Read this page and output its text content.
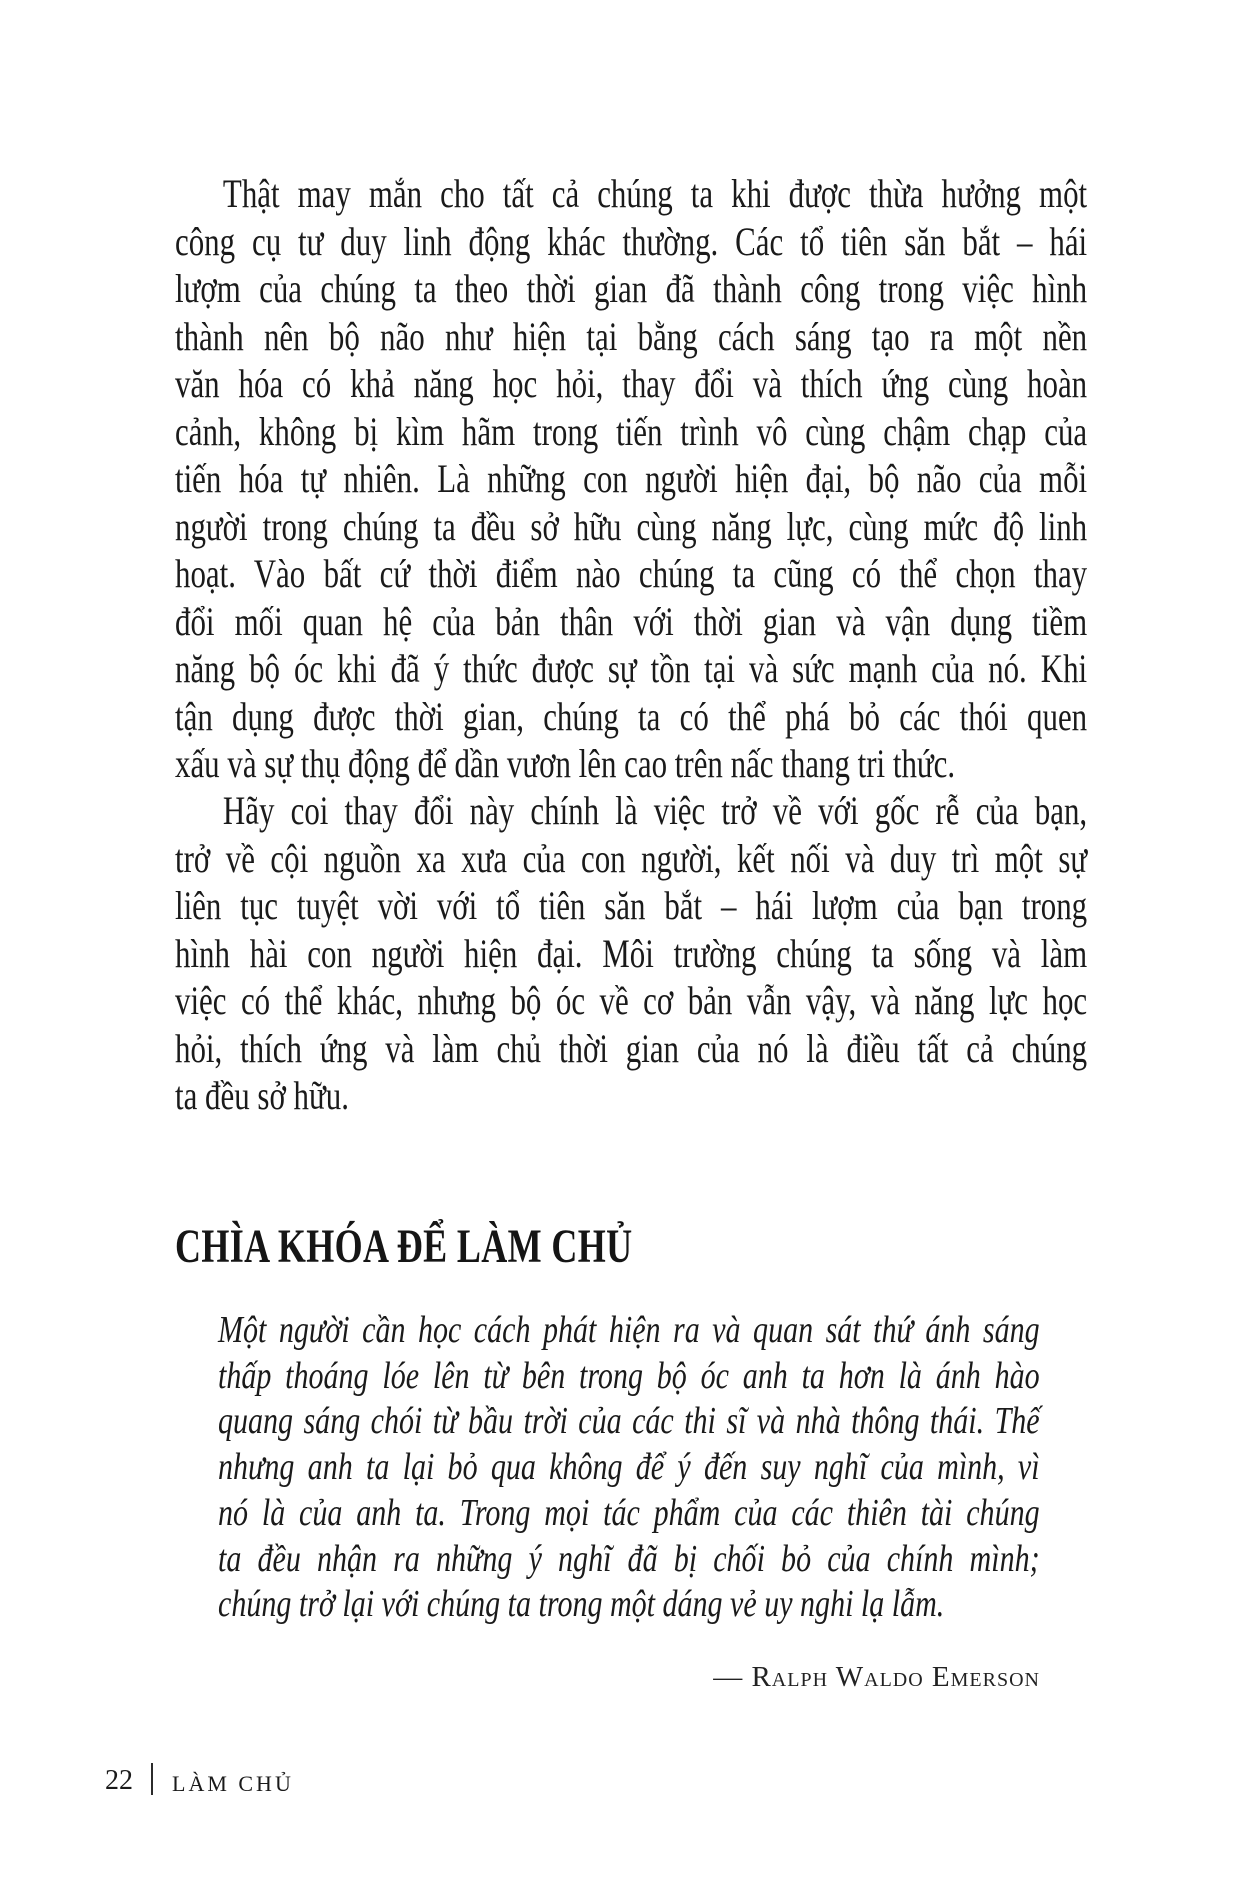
Thật may mắn cho tất cả chúng ta khi được thừa hưởng một
công cụ tư duy linh động khác thường. Các tổ tiên săn bắt – hái
lượm của chúng ta theo thời gian đã thành công trong việc hình
thành nên bộ não như hiện tại bằng cách sáng tạo ra một nền
văn hóa có khả năng học hỏi, thay đổi và thích ứng cùng hoàn
cảnh, không bị kìm hãm trong tiến trình vô cùng chậm chạp của
tiến hóa tự nhiên. Là những con người hiện đại, bộ não của mỗi
người trong chúng ta đều sở hữu cùng năng lực, cùng mức độ linh
hoạt. Vào bất cứ thời điểm nào chúng ta cũng có thể chọn thay
đổi mối quan hệ của bản thân với thời gian và vận dụng tiềm
năng bộ óc khi đã ý thức được sự tồn tại và sức mạnh của nó. Khi
tận dụng được thời gian, chúng ta có thể phá bỏ các thói quen
xấu và sự thụ động để dần vươn lên cao trên nấc thang tri thức.
Hãy coi thay đổi này chính là việc trở về với gốc rễ của bạn,
trở về cội nguồn xa xưa của con người, kết nối và duy trì một sự
liên tục tuyệt vời với tổ tiên săn bắt – hái lượm của bạn trong
hình hài con người hiện đại. Môi trường chúng ta sống và làm
việc có thể khác, nhưng bộ óc về cơ bản vẫn vậy, và năng lực học
hỏi, thích ứng và làm chủ thời gian của nó là điều tất cả chúng
ta đều sở hữu.
CHÌA KHÓA ĐỂ LÀM CHỦ
Một người cần học cách phát hiện ra và quan sát thứ ánh sáng
thấp thoáng lóe lên từ bên trong bộ óc anh ta hơn là ánh hào
quang sáng chói từ bầu trời của các thi sĩ và nhà thông thái. Thế
nhưng anh ta lại bỏ qua không để ý đến suy nghĩ của mình, vì
nó là của anh ta. Trong mọi tác phẩm của các thiên tài chúng
ta đều nhận ra những ý nghĩ đã bị chối bỏ của chính mình;
chúng trở lại với chúng ta trong một dáng vẻ uy nghi lạ lẫm.
— Ralph Waldo Emerson
22 LÀM CHỦ
